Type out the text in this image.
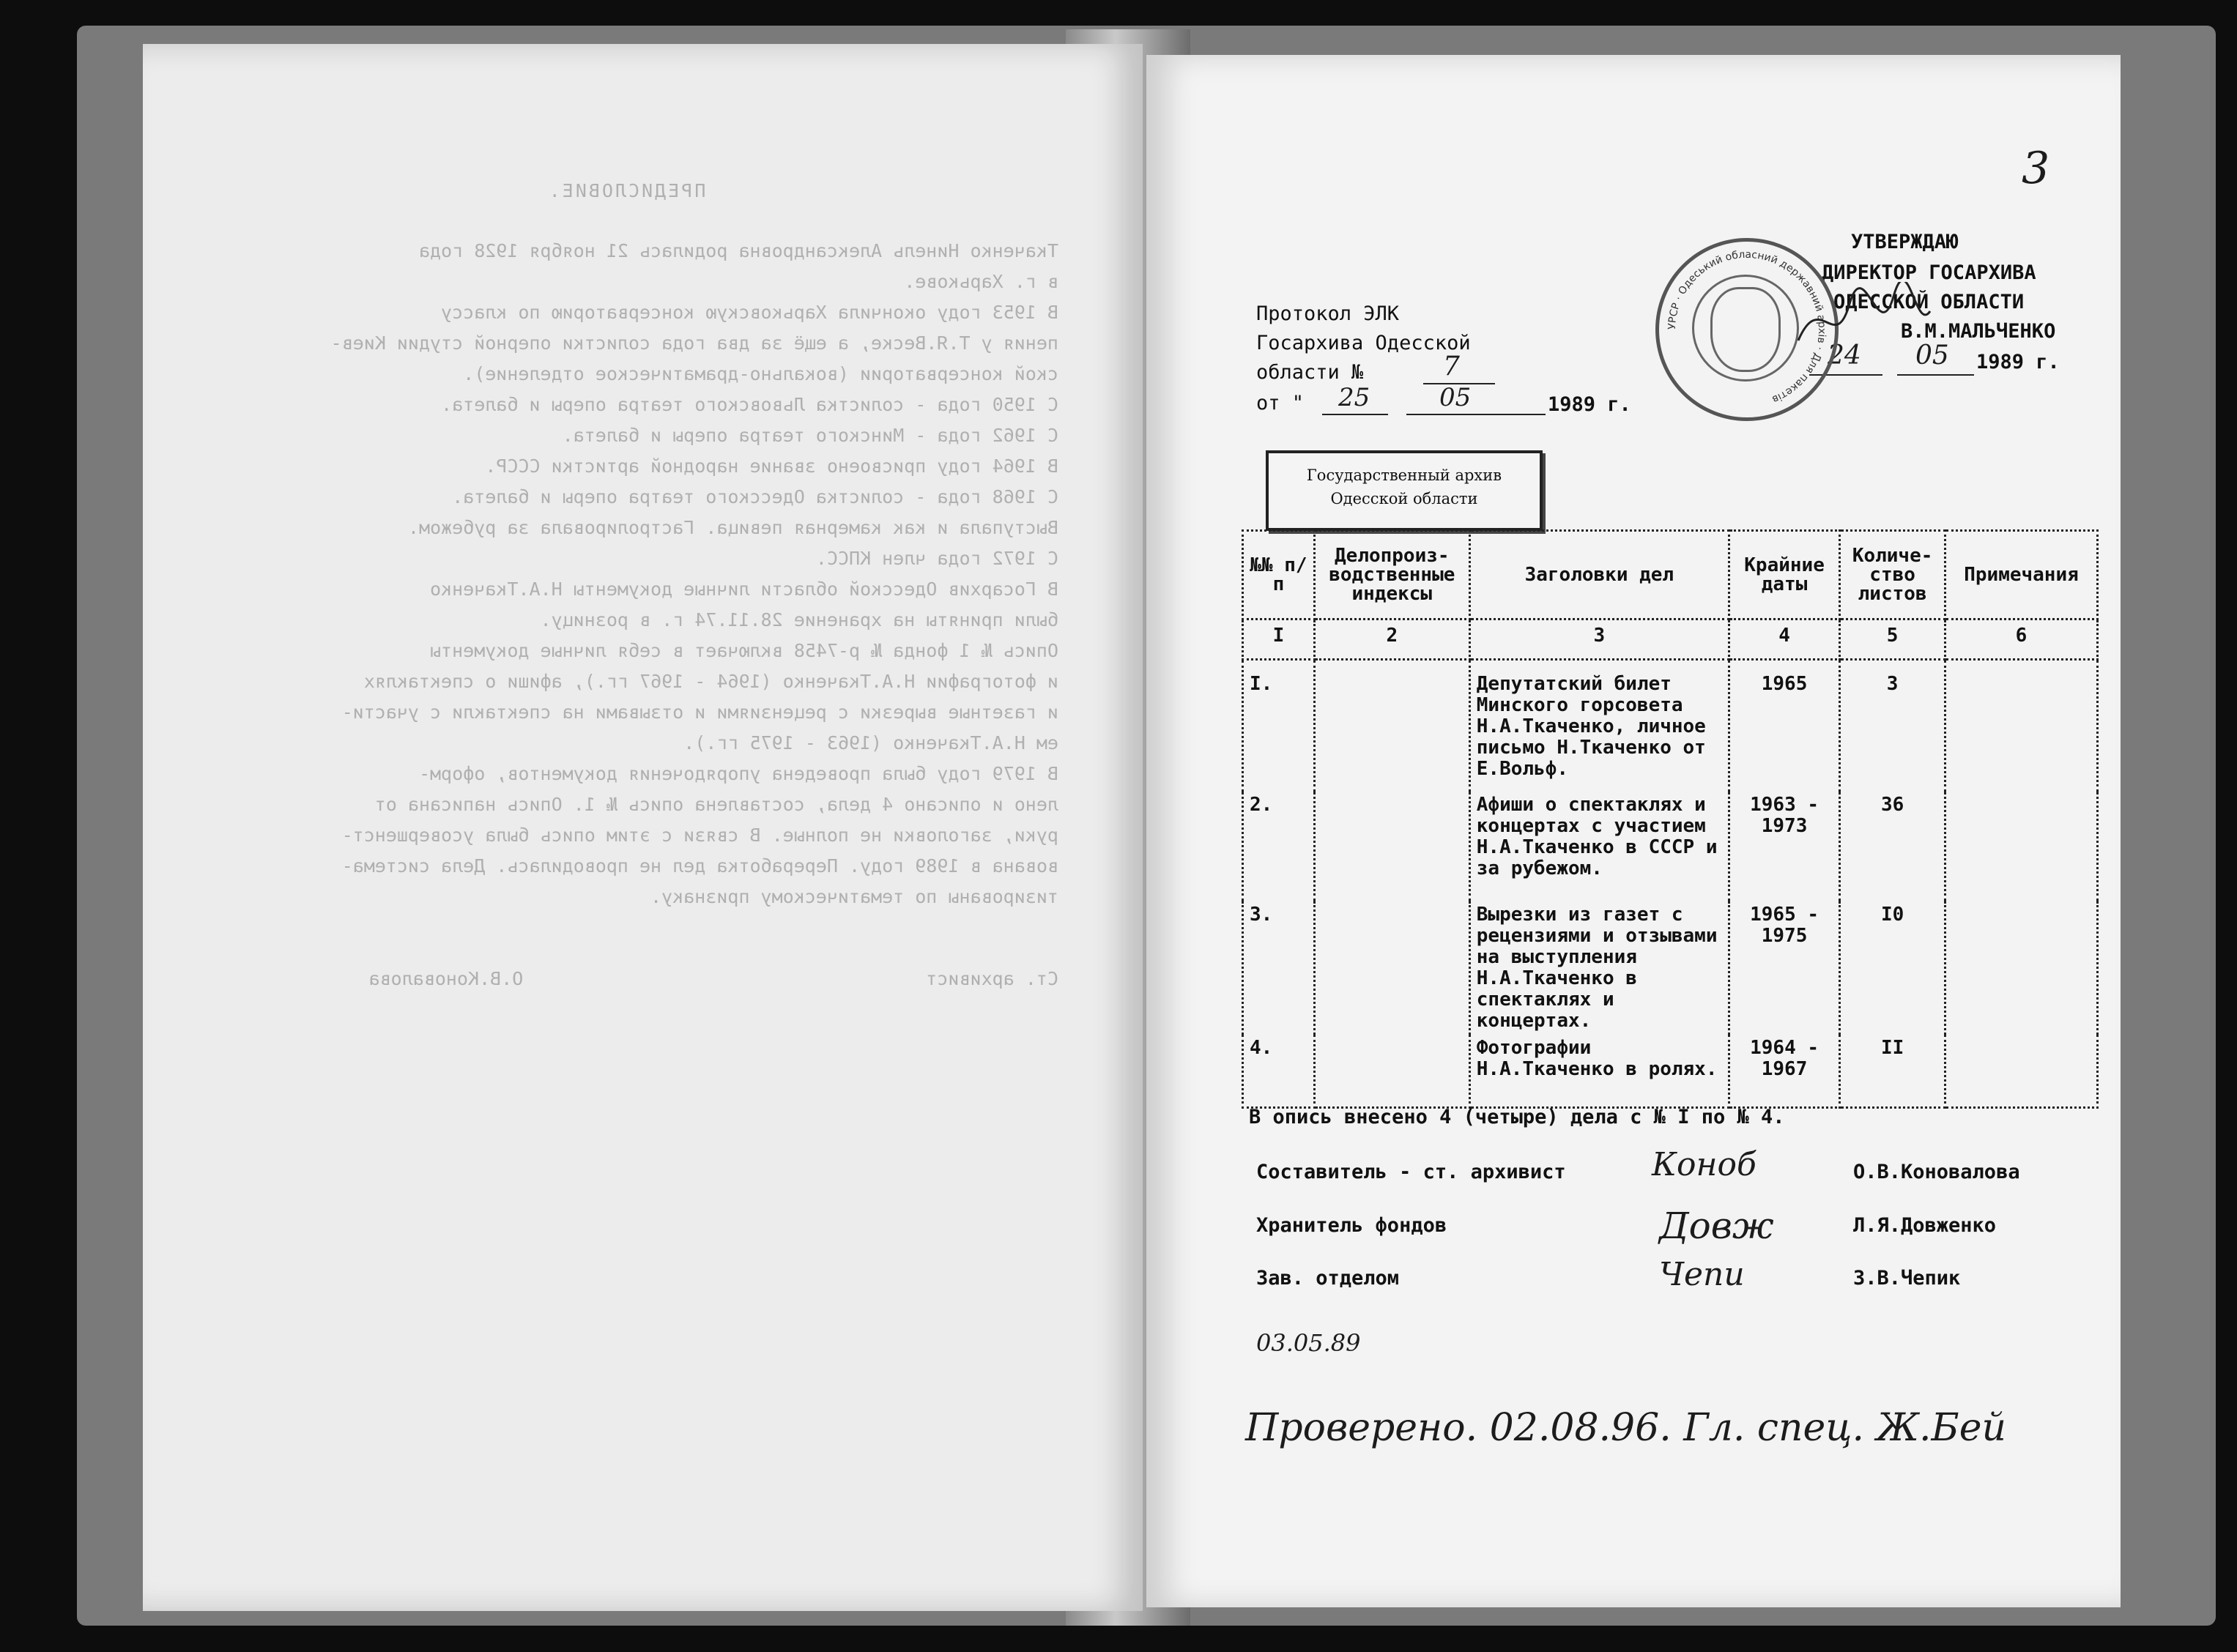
ПРЕДИСЛОВИЕ.

Ткаченко Нинель Александровна родилась 21 ноября 1928 года

в г. Харькове.

В 1953 году окончила Харьковскую консерваторию по классу

пения у Т.Я.Веске, а ещё за два года солистки оперной студии Киев-

ской консерватории (вокально-драматическое отделение).

С 1950 года - солистка Львовского театра оперы и балета.

С 1962 года - Минского театра оперы и балета.

В 1964 году присвоено звание народной артистки СССР.

С 1968 года - солистка Одесского театра оперы и балета.

Выступала и как камерная певица. Гастролировала за рубежом.

С 1972 года член КПСС.

В Госархив Одесской области личные документы Н.А.Ткаченко

были приняты на хранение 28.11.74 г. в розницу.

Опись № 1 фонда № р-7458 включает в себя личные документы

и фотографии Н.А.Ткаченко (1964 - 1967 гг.), афиши о спектаклях

и газетные вырезки с рецензиями и отзывами на спектакли с участи-

ем Н.А.Ткаченко (1963 - 1975 гг.).

В 1979 году была проведена упорядочения документов, оформ-

лено и описано 4 дела, составлена опись № 1. Опись написана от

руки, заголовки не полные. В связи с этим опись была усовершенст-

вована в 1989 году. Переработка дел не проводилась. Дела система-

тизированы по тематическому признаку.

Ст. архивист  О.В.Коновалова

3
УТВЕРЖДАЮ
ДИРЕКТОР ГОСАРХИВА
ОДЕССКОЙ ОБЛАСТИ
В.М.МАЛЬЧЕНКО
24 05 1989 г.
УРСР · Одеський обласний державний архів · Для пакетів
Протокол ЭЛК
Госархива Одесской
области №	7
от " 25	05	1989 г.
Государственный архив
Одесской области
№№ п/п	Делопроиз- водственные индексы	Заголовки дел	Крайние даты	Количе- ство листов	Примечания
I	2	3	4	5	6
I.		Депутатский билет Минского горсовета Н.А.Ткаченко, личное письмо Н.Ткаченко от Е.Вольф.	1965	3	
2.		Афиши о спектаклях и концертах с участием Н.А.Ткаченко в СССР и за рубежом.	1963 - 1973	36	
3.		Вырезки из газет с рецензиями и отзывами на выступления Н.А.Ткаченко в спектаклях и концертах.	1965 - 1975	I0	
4.		Фотографии Н.А.Ткаченко в ролях.	1964 - 1967	II	
В опись внесено 4 (четыре) дела с № I по № 4.
Составитель - ст. архивист	Коноб	О.В.Коновалова
Хранитель фондов	Довж	Л.Я.Довженко
Зав. отделом	Чепи	З.В.Чепик
03.05.89
Проверено. 02.08.96. Гл. спец. Ж.Бей
